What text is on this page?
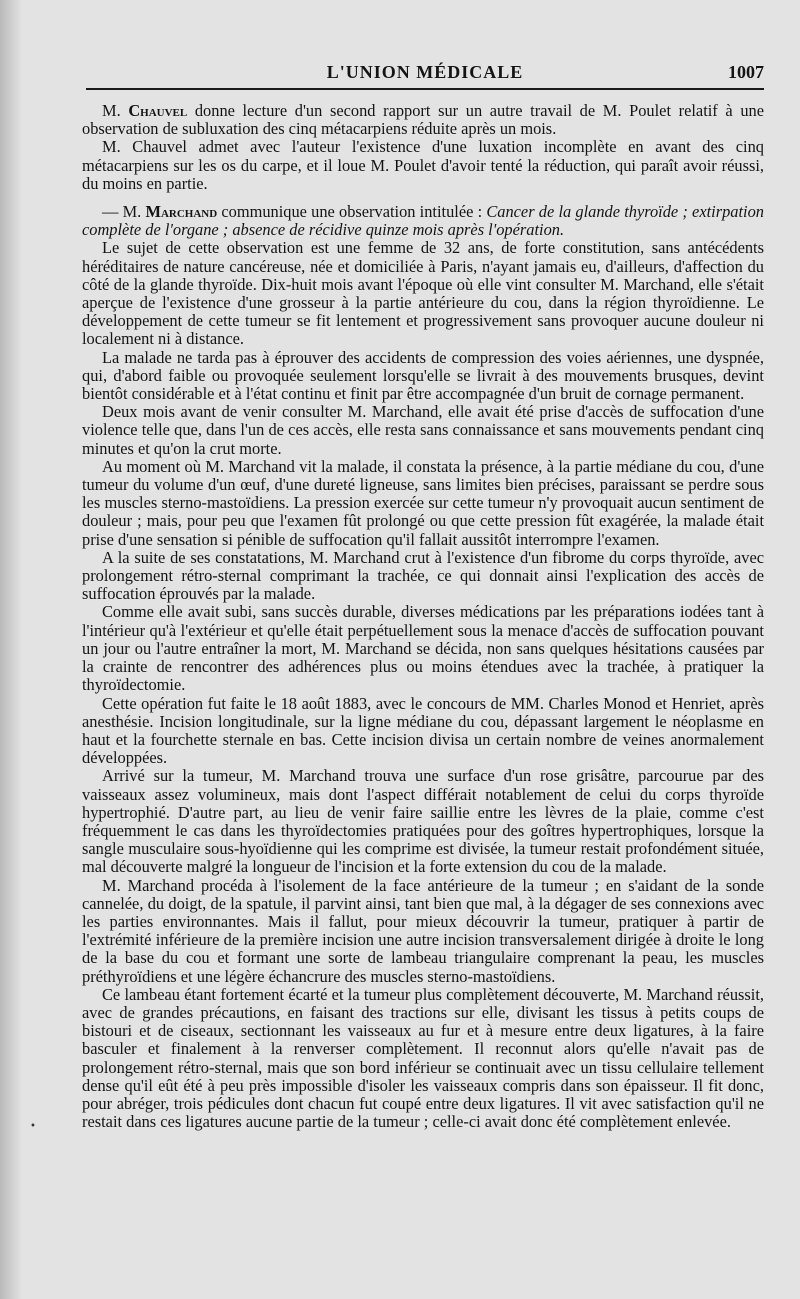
L'UNION MÉDICALE	1007

M. Chauvel donne lecture d'un second rapport sur un autre travail de M. Poulet relatif à une observation de subluxation des cinq métacarpiens réduite après un mois.

M. Chauvel admet avec l'auteur l'existence d'une luxation incomplète en avant des cinq métacarpiens sur les os du carpe, et il loue M. Poulet d'avoir tenté la réduction, qui paraît avoir réussi, du moins en partie.

— M. Marchand communique une observation intitulée : Cancer de la glande thyroïde ; extirpation complète de l'organe ; absence de récidive quinze mois après l'opération.

Le sujet de cette observation est une femme de 32 ans, de forte constitution, sans antécédents héréditaires de nature cancéreuse, née et domiciliée à Paris, n'ayant jamais eu, d'ailleurs, d'affection du côté de la glande thyroïde. Dix-huit mois avant l'époque où elle vint consulter M. Marchand, elle s'était aperçue de l'existence d'une grosseur à la partie antérieure du cou, dans la région thyroïdienne. Le développement de cette tumeur se fit lentement et progressivement sans provoquer aucune douleur ni localement ni à distance.

La malade ne tarda pas à éprouver des accidents de compression des voies aériennes, une dyspnée, qui, d'abord faible ou provoquée seulement lorsqu'elle se livrait à des mouvements brusques, devint bientôt considérable et à l'état continu et finit par être accompagnée d'un bruit de cornage permanent.

Deux mois avant de venir consulter M. Marchand, elle avait été prise d'accès de suffocation d'une violence telle que, dans l'un de ces accès, elle resta sans connaissance et sans mouvements pendant cinq minutes et qu'on la crut morte.

Au moment où M. Marchand vit la malade, il constata la présence, à la partie médiane du cou, d'une tumeur du volume d'un œuf, d'une dureté ligneuse, sans limites bien précises, paraissant se perdre sous les muscles sterno-mastoïdiens. La pression exercée sur cette tumeur n'y provoquait aucun sentiment de douleur ; mais, pour peu que l'examen fût prolongé ou que cette pression fût exagérée, la malade était prise d'une sensation si pénible de suffocation qu'il fallait aussitôt interrompre l'examen.

A la suite de ses constatations, M. Marchand crut à l'existence d'un fibrome du corps thyroïde, avec prolongement rétro-sternal comprimant la trachée, ce qui donnait ainsi l'explication des accès de suffocation éprouvés par la malade.

Comme elle avait subi, sans succès durable, diverses médications par les préparations iodées tant à l'intérieur qu'à l'extérieur et qu'elle était perpétuellement sous la menace d'accès de suffocation pouvant un jour ou l'autre entraîner la mort, M. Marchand se décida, non sans quelques hésitations causées par la crainte de rencontrer des adhérences plus ou moins étendues avec la trachée, à pratiquer la thyroïdectomie.

Cette opération fut faite le 18 août 1883, avec le concours de MM. Charles Monod et Henriet, après anesthésie. Incision longitudinale, sur la ligne médiane du cou, dépassant largement le néoplasme en haut et la fourchette sternale en bas. Cette incision divisa un certain nombre de veines anormalement développées.

Arrivé sur la tumeur, M. Marchand trouva une surface d'un rose grisâtre, parcourue par des vaisseaux assez volumineux, mais dont l'aspect différait notablement de celui du corps thyroïde hypertrophié. D'autre part, au lieu de venir faire saillie entre les lèvres de la plaie, comme c'est fréquemment le cas dans les thyroïdectomies pratiquées pour des goîtres hypertrophiques, lorsque la sangle musculaire sous-hyoïdienne qui les comprime est divisée, la tumeur restait profondément située, mal découverte malgré la longueur de l'incision et la forte extension du cou de la malade.

M. Marchand procéda à l'isolement de la face antérieure de la tumeur ; en s'aidant de la sonde cannelée, du doigt, de la spatule, il parvint ainsi, tant bien que mal, à la dégager de ses connexions avec les parties environnantes. Mais il fallut, pour mieux découvrir la tumeur, pratiquer à partir de l'extrémité inférieure de la première incision une autre incision transversalement dirigée à droite le long de la base du cou et formant une sorte de lambeau triangulaire comprenant la peau, les muscles préthyroïdiens et une légère échancrure des muscles sterno-mastoïdiens.

Ce lambeau étant fortement écarté et la tumeur plus complètement découverte, M. Marchand réussit, avec de grandes précautions, en faisant des tractions sur elle, divisant les tissus à petits coups de bistouri et de ciseaux, sectionnant les vaisseaux au fur et à mesure entre deux ligatures, à la faire basculer et finalement à la renverser complètement. Il reconnut alors qu'elle n'avait pas de prolongement rétro-sternal, mais que son bord inférieur se continuait avec un tissu cellulaire tellement dense qu'il eût été à peu près impossible d'isoler les vaisseaux compris dans son épaisseur. Il fit donc, pour abréger, trois pédicules dont chacun fut coupé entre deux ligatures. Il vit avec satisfaction qu'il ne restait dans ces ligatures aucune partie de la tumeur ; celle-ci avait donc été complètement enlevée.

•
